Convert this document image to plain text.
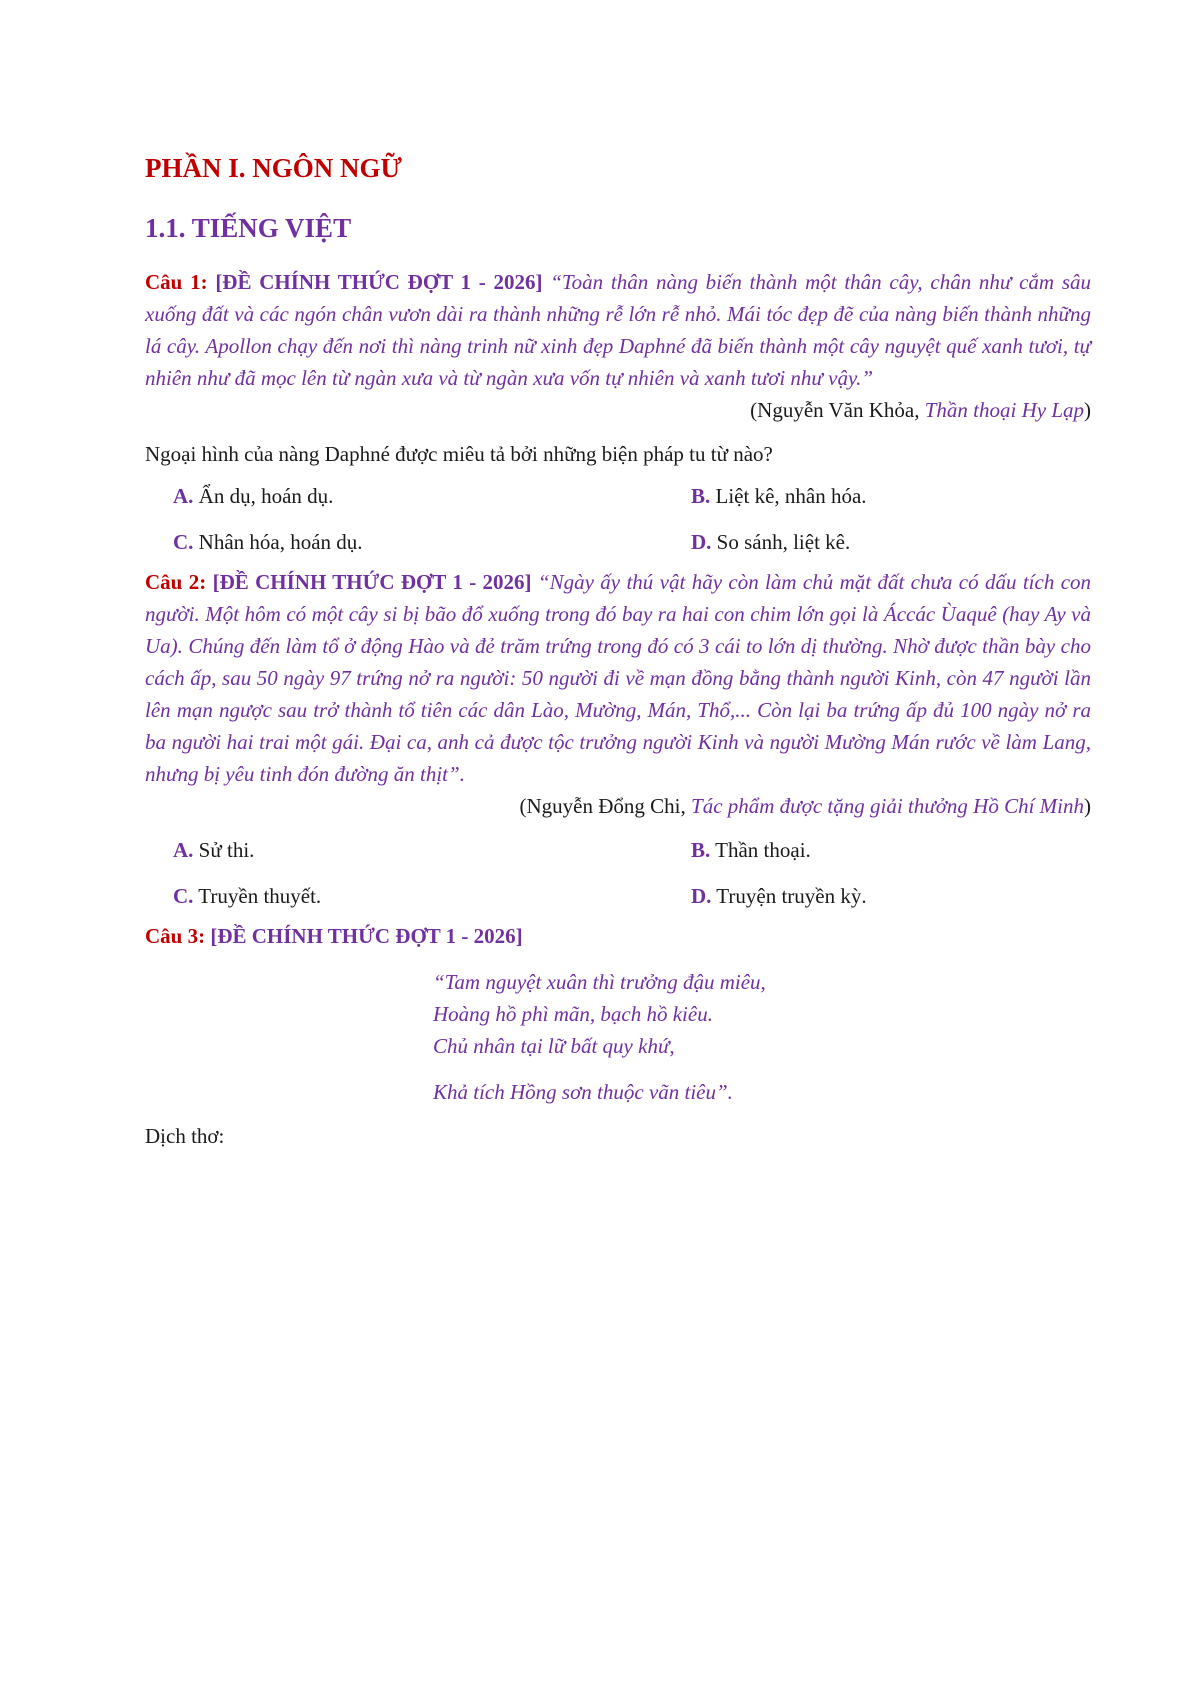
PHẦN I. NGÔN NGỮ
1.1. TIẾNG VIỆT

Câu 1: [ĐỀ CHÍNH THỨC ĐỢT 1 - 2026] “Toàn thân nàng biến thành một thân cây, chân như cắm sâu xuống đất và các ngón chân vươn dài ra thành những rễ lớn rễ nhỏ. Mái tóc đẹp đẽ của nàng biến thành những lá cây. Apollon chạy đến nơi thì nàng trinh nữ xinh đẹp Daphné đã biến thành một cây nguyệt quế xanh tươi, tự nhiên như đã mọc lên từ ngàn xưa và từ ngàn xưa vốn tự nhiên và xanh tươi như vậy.”

(Nguyễn Văn Khỏa, Thần thoại Hy Lạp)

Ngoại hình của nàng Daphné được miêu tả bởi những biện pháp tu từ nào?

A. Ẩn dụ, hoán dụ.	B. Liệt kê, nhân hóa.
C. Nhân hóa, hoán dụ.	D. So sánh, liệt kê.

Câu 2: [ĐỀ CHÍNH THỨC ĐỢT 1 - 2026] “Ngày ấy thú vật hãy còn làm chủ mặt đất chưa có dấu tích con người. Một hôm có một cây si bị bão đổ xuống trong đó bay ra hai con chim lớn gọi là Áccác Ùaquê (hay Ay và Ua). Chúng đến làm tổ ở động Hào và đẻ trăm trứng trong đó có 3 cái to lớn dị thường. Nhờ được thần bày cho cách ấp, sau 50 ngày 97 trứng nở ra người: 50 người đi về mạn đồng bằng thành người Kinh, còn 47 người lần lên mạn ngược sau trở thành tổ tiên các dân Lào, Mường, Mán, Thổ,... Còn lại ba trứng ấp đủ 100 ngày nở ra ba người hai trai một gái. Đại ca, anh cả được tộc trưởng người Kinh và người Mường Mán rước về làm Lang, nhưng bị yêu tinh đón đường ăn thịt”.

(Nguyễn Đổng Chi, Tác phẩm được tặng giải thưởng Hồ Chí Minh)

A. Sử thi.	B. Thần thoại.
C. Truyền thuyết.	D. Truyện truyền kỳ.

Câu 3: [ĐỀ CHÍNH THỨC ĐỢT 1 - 2026]

“Tam nguyệt xuân thì trưởng đậu miêu,
Hoàng hồ phì mãn, bạch hồ kiêu.
Chủ nhân tại lữ bất quy khứ,
Khả tích Hồng sơn thuộc vãn tiêu”.

Dịch thơ:
